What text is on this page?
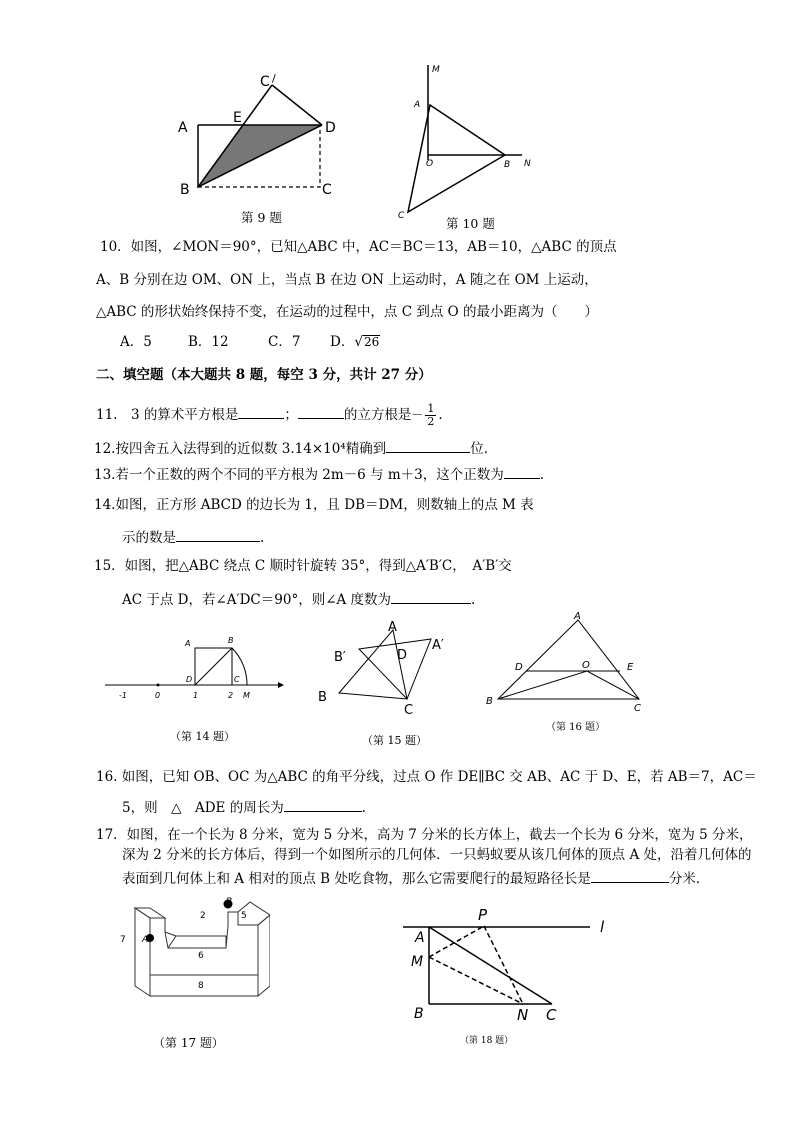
A
B	C
C /
D
E
第 9 题
M
A
O	B N
C	第 10 题
10．如图，∠MON＝90°，已知△ABC 中，AC＝BC＝13，AB＝10，△ABC 的顶点
A、B 分别在边 OM、ON 上，当点 B 在边 ON 上运动时，A 随之在 OM 上运动，
△ABC 的形状始终保持不变，在运动的过程中，点 C 到点 O 的最小距离为（　　）
A．5	B．12	C．7 D．√26
二、填空题（本大题共 8 题，每空 3 分，共计 27 分）
11.　3 的算术平方根是	；	的立方根是－ $\frac{1}{2}$ .
12.按四舍五入法得到的近似数 3.14×10⁴精确到	位．
13.若一个正数的两个不同的平方根为 2m－6 与 m＋3，这个正数为	.
14.如图，正方形 ABCD 的边长为 1，且 DB＝DM，则数轴上的点 M 表
示的数是	.
15．如图，把△ABC 绕点 C 顺时针旋转 35°，得到△A′B′C，　A′B′交
AC 于点 D，若∠A′DC＝90°，则∠A 度数为	.
-1	0	1	2 M
A	B
D	C
（第 14 题）
A
A′
B′	D
B
C
（第 15 题）
A
D	O	E
B
C
（第 16 题）
16. 如图，已知 OB、OC 为△ABC 的角平分线，过点 O 作 DE∥BC 交 AB、AC 于 D、E，若 AB＝7，AC＝
5，则　△　ADE 的周长为	.
17．如图，在一个长为 8 分米，宽为 5 分米，高为 7 分米的长方体上，截去一个长为 6 分米，宽为 5 分米，
深为 2 分米的长方体后，得到一个如图所示的几何体．一只蚂蚁要从该几何体的顶点 A 处，沿着几何体的
表面到几何体上和 A 相对的顶点 B 处吃食物，那么它需要爬行的最短路径长是	分米．
7 A
2
B
5
6
8
（第 17 题）
P
l
A
M
B	N C
（第 18 题）
